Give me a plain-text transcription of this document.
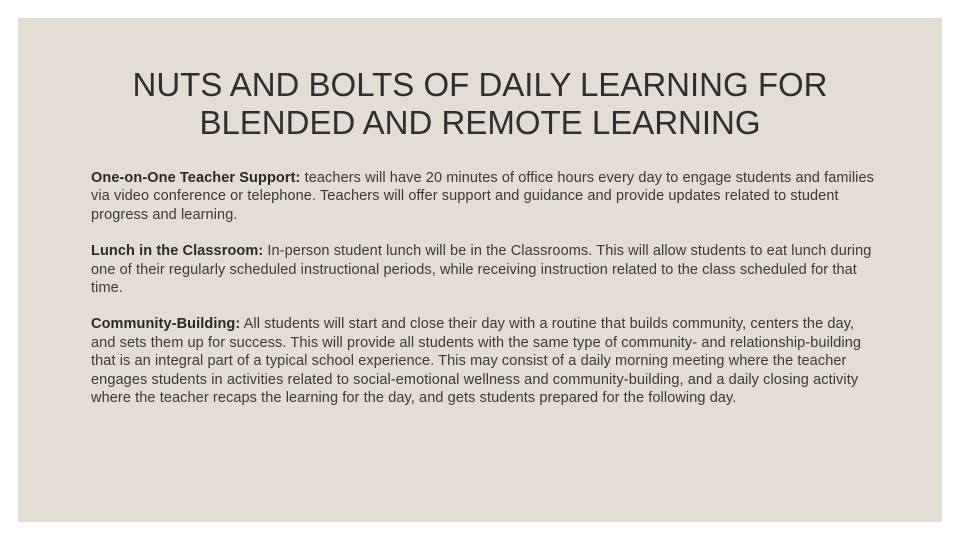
NUTS AND BOLTS OF DAILY LEARNING FOR
BLENDED AND REMOTE LEARNING

One-on-One Teacher Support: teachers will have 20 minutes of office hours every day to engage students and families via video conference or telephone. Teachers will offer support and guidance and provide updates related to student progress and learning.

Lunch in the Classroom: In-person student lunch will be in the Classrooms. This will allow students to eat lunch during one of their regularly scheduled instructional periods, while receiving instruction related to the class scheduled for that time.

Community-Building: All students will start and close their day with a routine that builds community, centers the day, and sets them up for success. This will provide all students with the same type of community- and relationship-building that is an integral part of a typical school experience. This may consist of a daily morning meeting where the teacher engages students in activities related to social-emotional wellness and community-building, and a daily closing activity where the teacher recaps the learning for the day, and gets students prepared for the following day.
